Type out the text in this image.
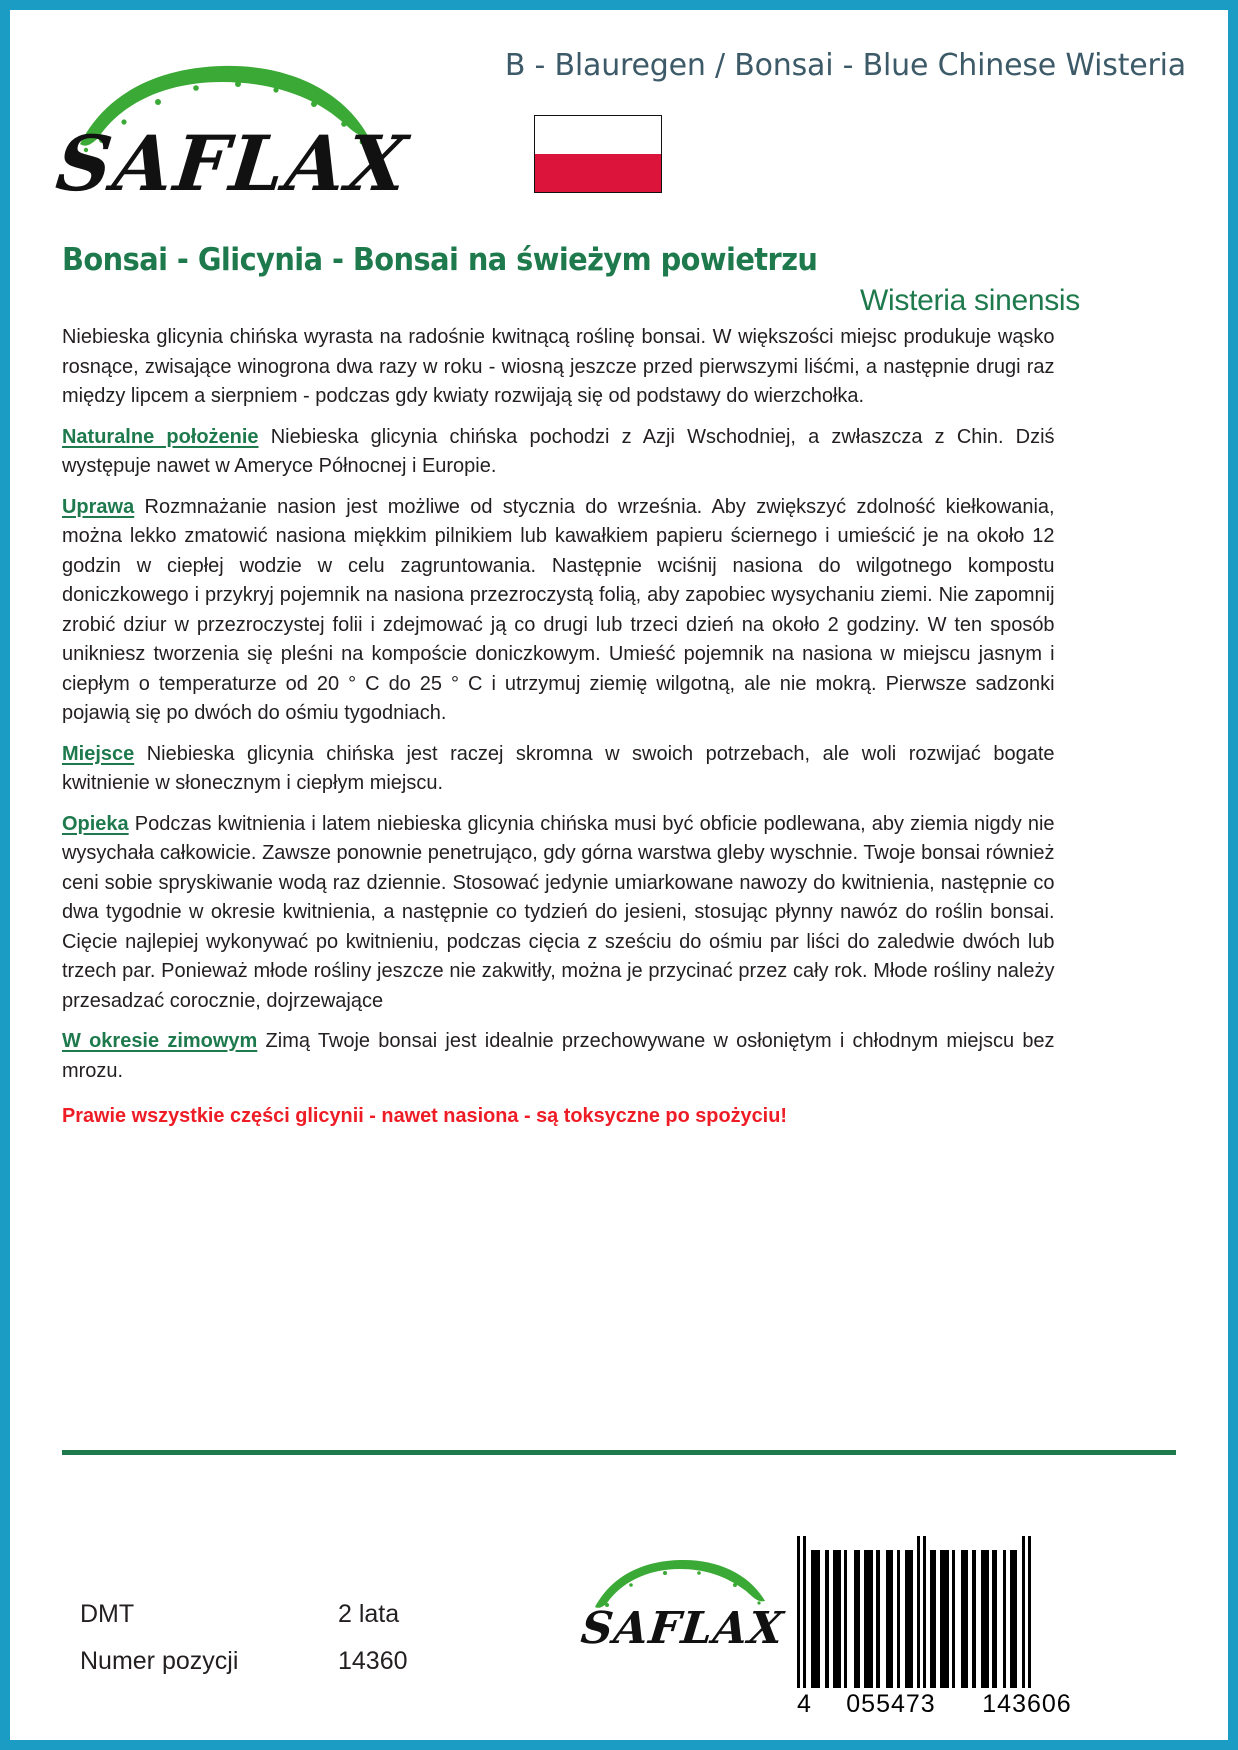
SAFLAX
B - Blauregen / Bonsai - Blue Chinese Wisteria
Bonsai - Glicynia - Bonsai na świeżym powietrzu
Wisteria sinensis
Niebieska glicynia chińska wyrasta na radośnie kwitnącą roślinę bonsai. W większości miejsc produkuje wąsko rosnące, zwisające winogrona dwa razy w roku - wiosną jeszcze przed pierwszymi liśćmi, a następnie drugi raz między lipcem a sierpniem - podczas gdy kwiaty rozwijają się od podstawy do wierzchołka.
Naturalne położenie Niebieska glicynia chińska pochodzi z Azji Wschodniej, a zwłaszcza z Chin. Dziś występuje nawet w Ameryce Północnej i Europie.
Uprawa Rozmnażanie nasion jest możliwe od stycznia do września. Aby zwiększyć zdolność kiełkowania, można lekko zmatowić nasiona miękkim pilnikiem lub kawałkiem papieru ściernego i umieścić je na około 12 godzin w ciepłej wodzie w celu zagruntowania. Następnie wciśnij nasiona do wilgotnego kompostu doniczkowego i przykryj pojemnik na nasiona przezroczystą folią, aby zapobiec wysychaniu ziemi. Nie zapomnij zrobić dziur w przezroczystej folii i zdejmować ją co drugi lub trzeci dzień na około 2 godziny. W ten sposób unikniesz tworzenia się pleśni na kompoście doniczkowym. Umieść pojemnik na nasiona w miejscu jasnym i ciepłym o temperaturze od 20 ° C do 25 ° C i utrzymuj ziemię wilgotną, ale nie mokrą. Pierwsze sadzonki pojawią się po dwóch do ośmiu tygodniach.
Miejsce Niebieska glicynia chińska jest raczej skromna w swoich potrzebach, ale woli rozwijać bogate kwitnienie w słonecznym i ciepłym miejscu.
Opieka Podczas kwitnienia i latem niebieska glicynia chińska musi być obficie podlewana, aby ziemia nigdy nie wysychała całkowicie. Zawsze ponownie penetrująco, gdy górna warstwa gleby wyschnie. Twoje bonsai również ceni sobie spryskiwanie wodą raz dziennie. Stosować jedynie umiarkowane nawozy do kwitnienia, następnie co dwa tygodnie w okresie kwitnienia, a następnie co tydzień do jesieni, stosując płynny nawóz do roślin bonsai. Cięcie najlepiej wykonywać po kwitnieniu, podczas cięcia z sześciu do ośmiu par liści do zaledwie dwóch lub trzech par. Ponieważ młode rośliny jeszcze nie zakwitły, można je przycinać przez cały rok. Młode rośliny należy przesadzać corocznie, dojrzewające
W okresie zimowym Zimą Twoje bonsai jest idealnie przechowywane w osłoniętym i chłodnym miejscu bez mrozu.
Prawie wszystkie części glicynii - nawet nasiona - są toksyczne po spożyciu!
DMT	2 lata
Numer pozycji	14360
SAFLAX
4	055473	143606
